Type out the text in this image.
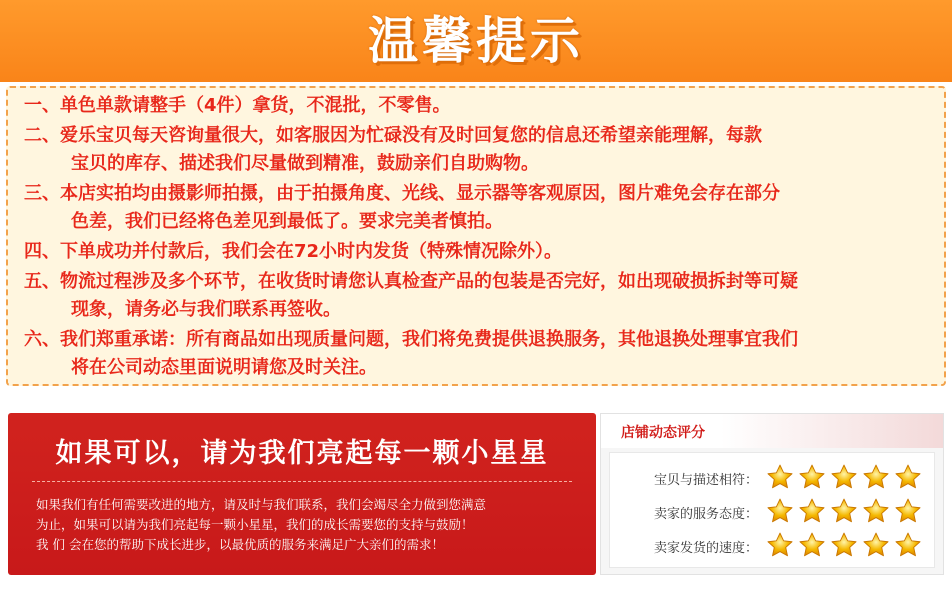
温馨提示
一、单色单款请整手（4件）拿货，不混批，不零售。
二、爱乐宝贝每天咨询量很大，如客服因为忙碌没有及时回复您的信息还希望亲能理解，每款
宝贝的库存、描述我们尽量做到精准，鼓励亲们自助购物。
三、本店实拍均由摄影师拍摄，由于拍摄角度、光线、显示器等客观原因，图片难免会存在部分
色差，我们已经将色差见到最低了。要求完美者慎拍。
四、下单成功并付款后，我们会在72小时内发货（特殊情况除外）。
五、物流过程涉及多个环节，在收货时请您认真检查产品的包装是否完好，如出现破损拆封等可疑
现象，请务必与我们联系再签收。
六、我们郑重承诺：所有商品如出现质量问题，我们将免费提供退换服务，其他退换处理事宜我们
将在公司动态里面说明请您及时关注。
如果可以，请为我们亮起每一颗小星星
如果我们有任何需要改进的地方，请及时与我们联系，我们会竭尽全力做到您满意
为止，如果可以请为我们亮起每一颗小星星，我们的成长需要您的支持与鼓励！
我 们 会在您的帮助下成长进步，以最优质的服务来满足广大亲们的需求！
店铺动态评分
宝贝与描述相符：
卖家的服务态度：
卖家发货的速度：
